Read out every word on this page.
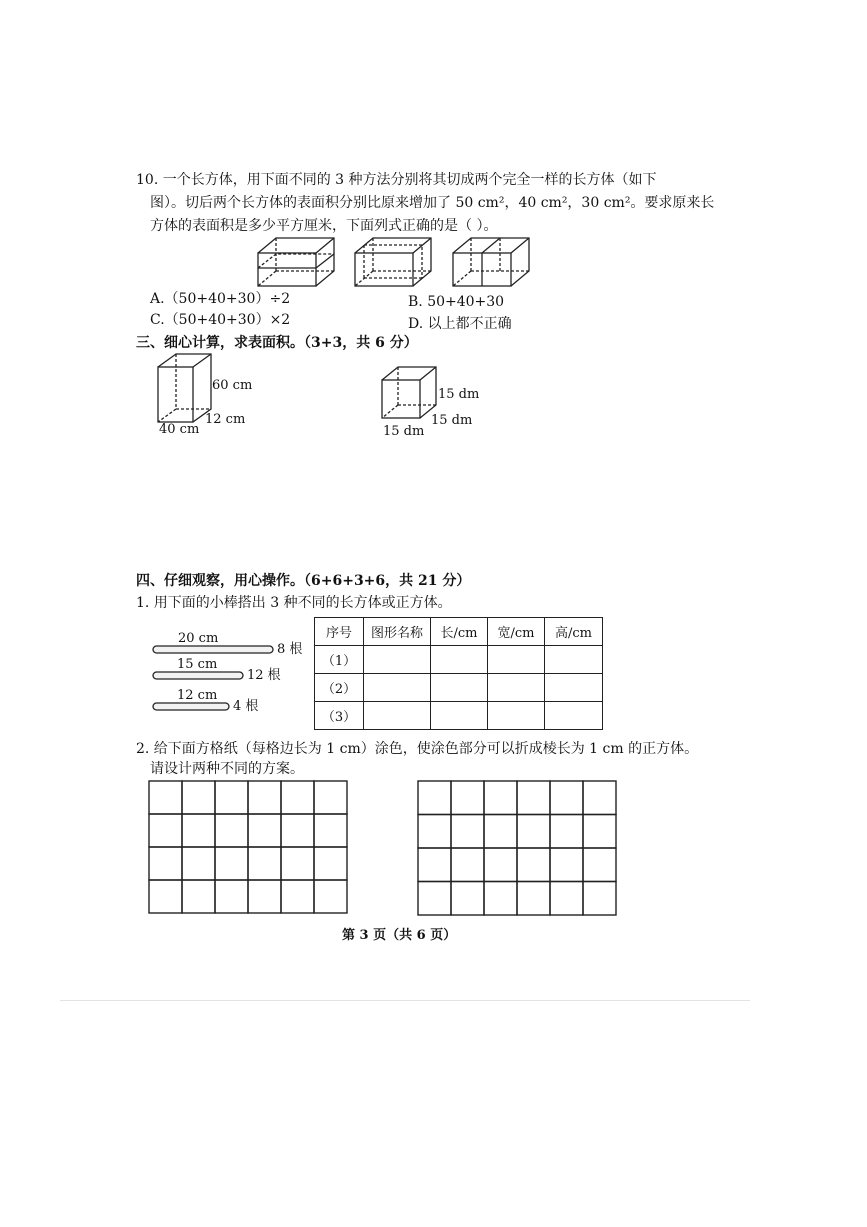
10. 一个长方体，用下面不同的 3 种方法分别将其切成两个完全一样的长方体（如下
图）。切后两个长方体的表面积分别比原来增加了 50 cm²，40 cm²，30 cm²。要求原来长
方体的表面积是多少平方厘米，下面列式正确的是（ ）。
A.（50+40+30）÷2	B. 50+40+30
C.（50+40+30）×2	D. 以上都不正确
三、细心计算，求表面积。（3+3，共 6 分）
60 cm
12 cm
40 cm
15 dm
15 dm
15 dm
四、仔细观察，用心操作。（6+6+3+6，共 21 分）
1. 用下面的小棒搭出 3 种不同的长方体或正方体。
20 cm
8 根
15 cm
12 根
12 cm
4 根
序号	图形名称	长/cm	宽/cm	高/cm
（1）				
（2）				
（3）				
2. 给下面方格纸（每格边长为 1 cm）涂色，使涂色部分可以折成棱长为 1 cm 的正方体。
请设计两种不同的方案。
第 3 页（共 6 页）
